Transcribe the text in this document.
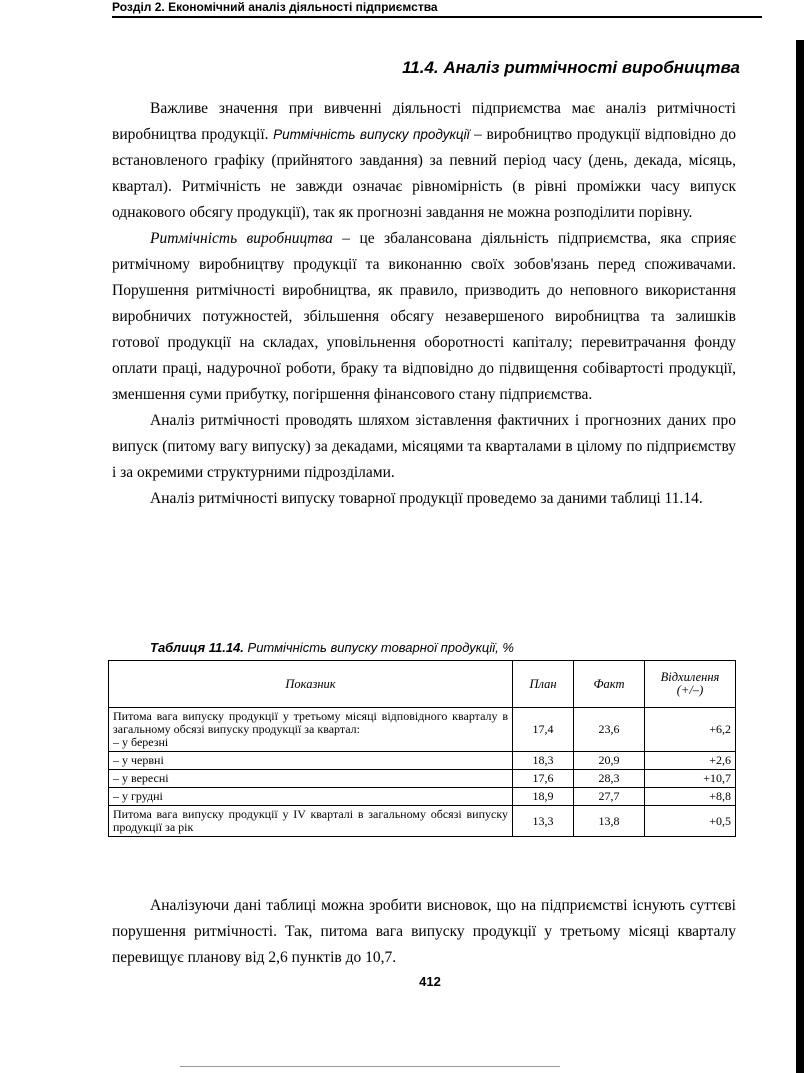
Розділ 2. Економічний аналіз діяльності підприємства
11.4. Аналіз ритмічності виробництва

Важливе значення при вивченні діяльності підприємства має аналіз ритмічності виробництва продукції. Ритмічність випуску продукції – виробництво продукції відповідно до встановленого графіку (прийнятого завдання) за певний період часу (день, декада, місяць, квартал). Ритмічність не завжди означає рівномірність (в рівні проміжки часу випуск однакового обсягу продукції), так як прогнозні завдання не можна розподілити порівну.

Ритмічність виробництва – це збалансована діяльність підприємства, яка сприяє ритмічному виробництву продукції та виконанню своїх зобов'язань перед споживачами. Порушення ритмічності виробництва, як правило, призводить до неповного використання виробничих потужностей, збільшення обсягу незавершеного виробництва та залишків готової продукції на складах, уповільнення оборотності капіталу; перевитрачання фонду оплати праці, надурочної роботи, браку та відповідно до підвищення собівартості продукції, зменшення суми прибутку, погіршення фінансового стану підприємства.

Аналіз ритмічності проводять шляхом зіставлення фактичних і прогнозних даних про випуск (питому вагу випуску) за декадами, місяцями та кварталами в цілому по підприємству і за окремими структурними підрозділами.

Аналіз ритмічності випуску товарної продукції проведемо за даними таблиці 11.14.

Таблиця 11.14. Ритмічність випуску товарної продукції, %
Показник	План	Факт	Відхилення (+/–)
Питома вага випуску продукції у третьому місяці відповідного кварталу в загальному обсязі випуску продукції за квартал:
– у березні	17,4	23,6	+6,2
– у червні	18,3	20,9	+2,6
– у вересні	17,6	28,3	+10,7
– у грудні	18,9	27,7	+8,8
Питома вага випуску продукції у IV кварталі в загальному обсязі випуску продукції за рік	13,3	13,8	+0,5

Аналізуючи дані таблиці можна зробити висновок, що на підприємстві існують суттєві порушення ритмічності. Так, питома вага випуску продукції у третьому місяці кварталу перевищує планову від 2,6 пунктів до 10,7.

412
